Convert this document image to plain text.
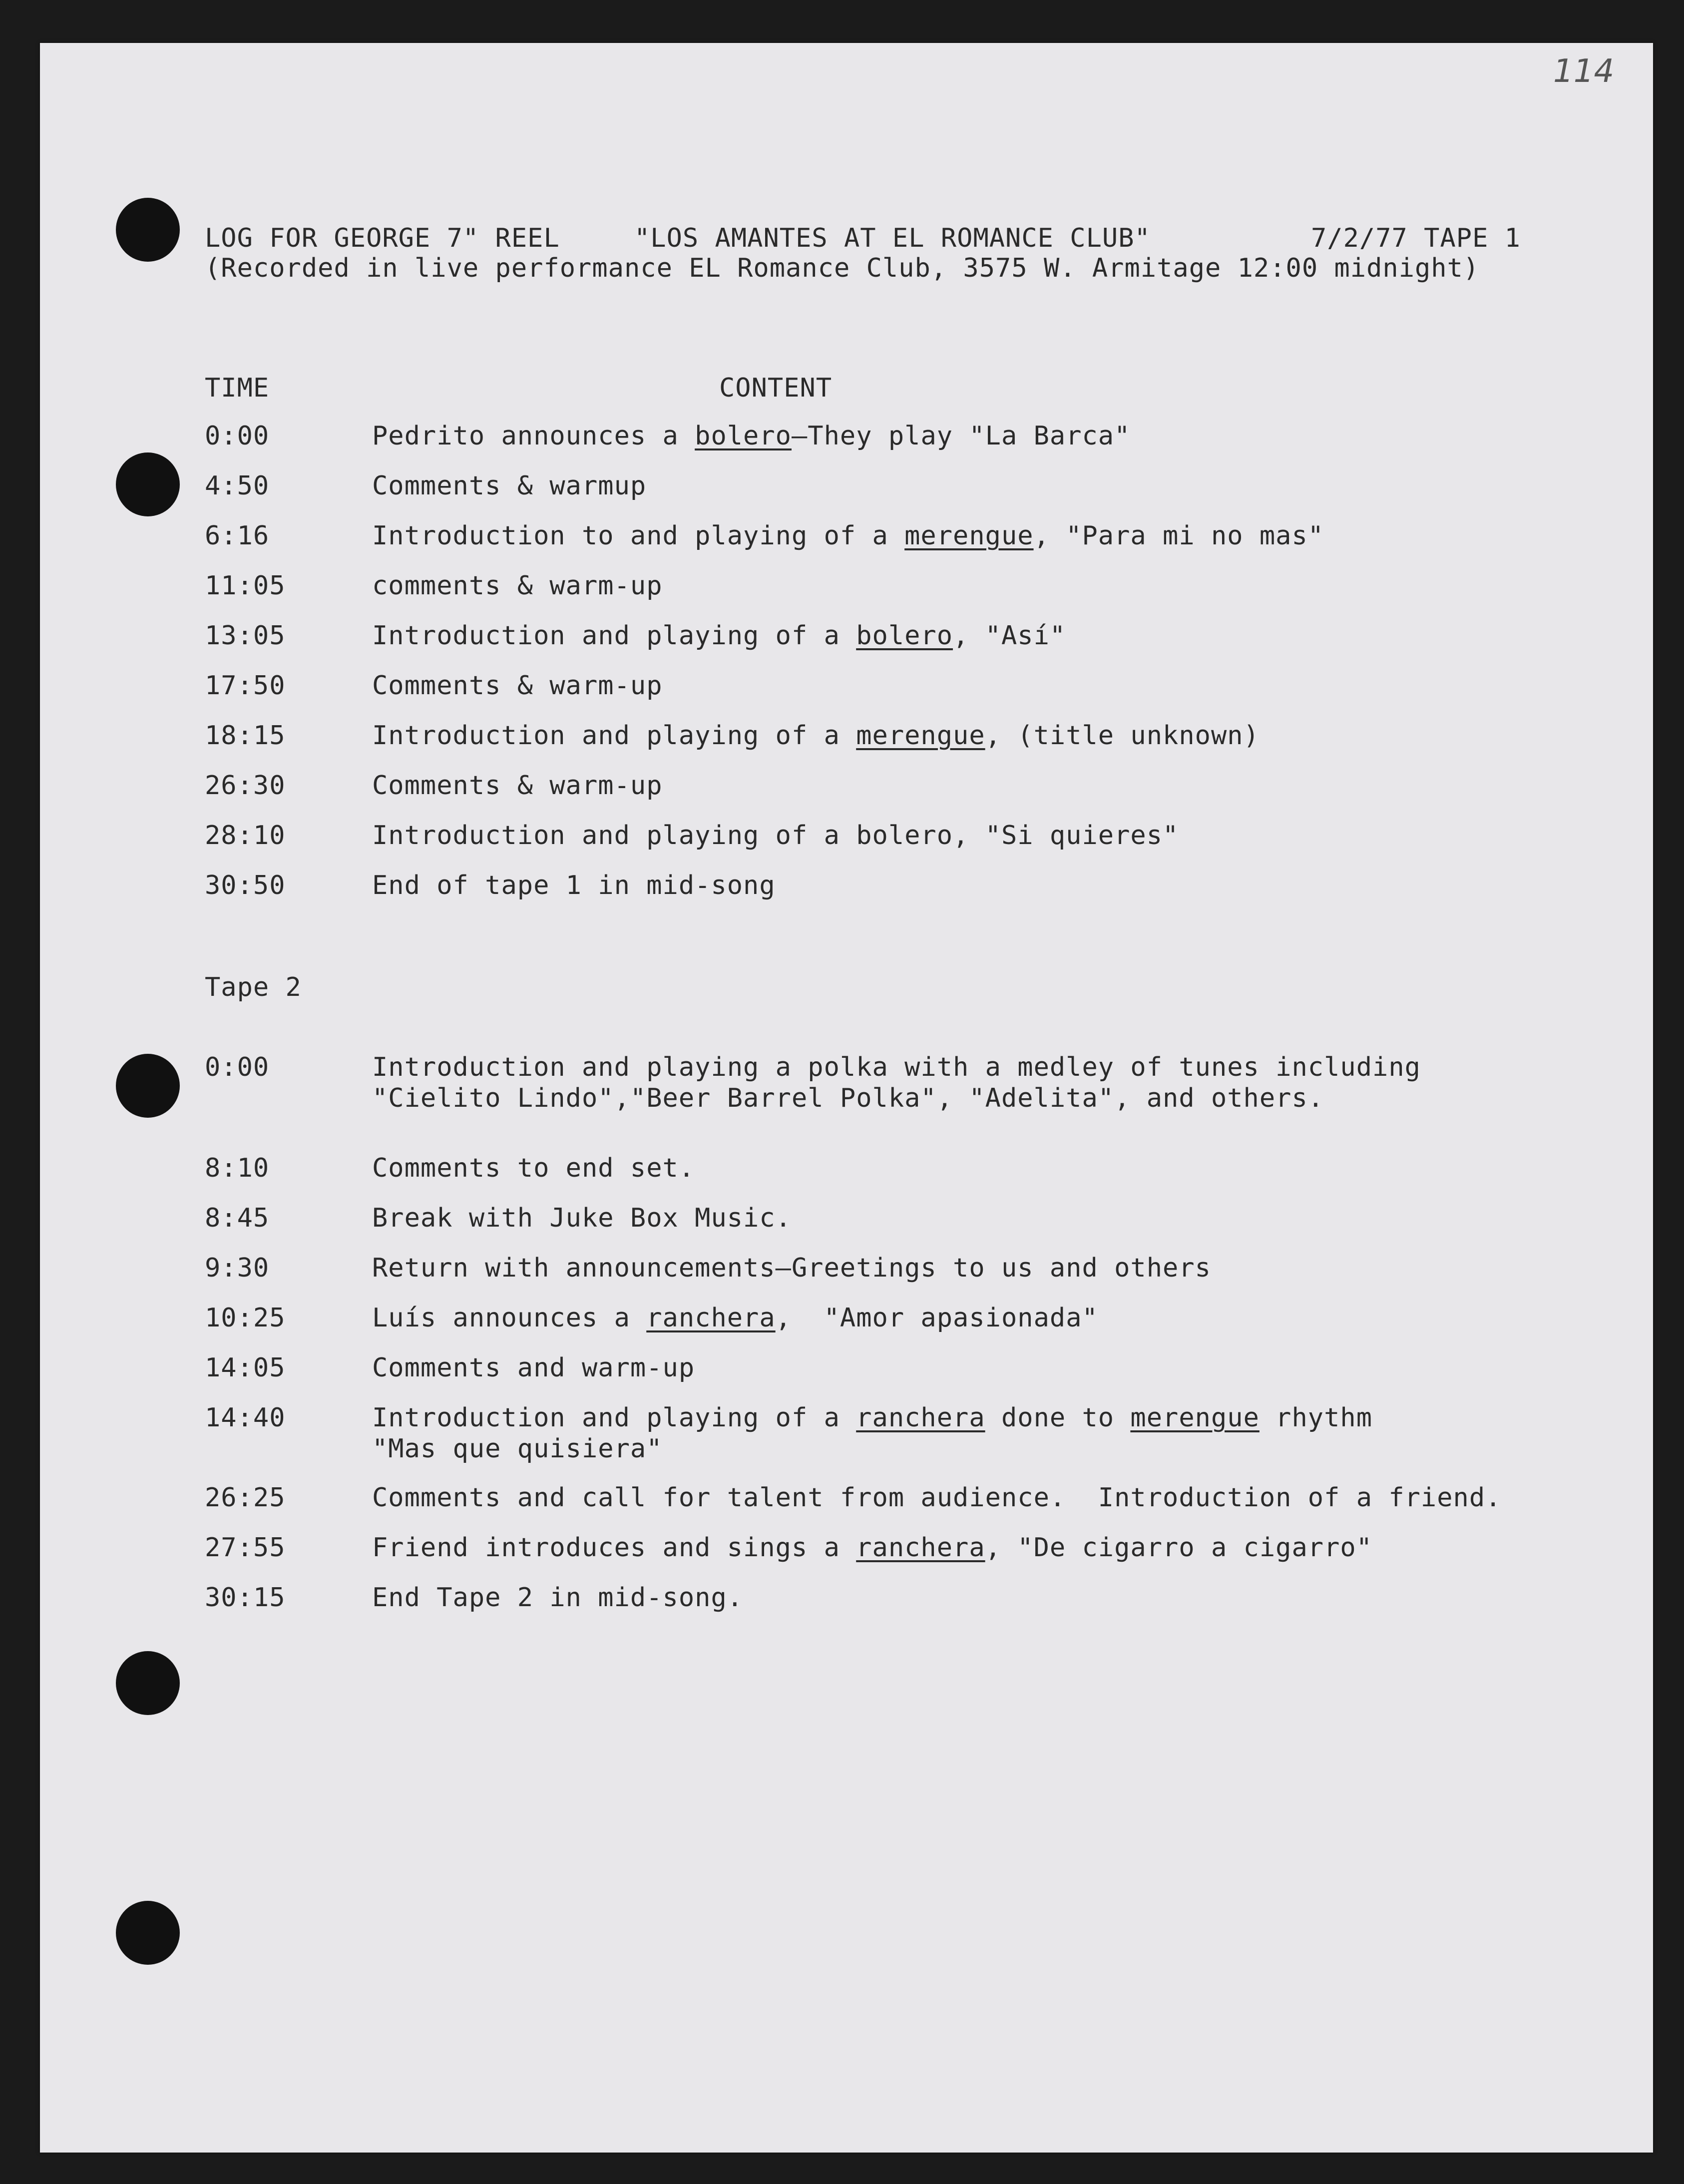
114
LOG FOR GEORGE 7" REEL	"LOS AMANTES AT EL ROMANCE CLUB"	7/2/77 TAPE 1
(Recorded in live performance EL Romance Club, 3575 W. Armitage 12:00 midnight)
TIME	CONTENT
0:00	Pedrito announces a bolero—They play "La Barca"
4:50	Comments & warmup
6:16	Introduction to and playing of a merengue, "Para mi no mas"
11:05	comments & warm-up
13:05	Introduction and playing of a bolero, "Así"
17:50	Comments & warm-up
18:15	Introduction and playing of a merengue, (title unknown)
26:30	Comments & warm-up
28:10	Introduction and playing of a bolero, "Si quieres"
30:50	End of tape 1 in mid-song
Tape 2
0:00	Introduction and playing a polka with a medley of tunes including
"Cielito Lindo","Beer Barrel Polka", "Adelita", and others.
8:10	Comments to end set.
8:45	Break with Juke Box Music.
9:30	Return with announcements—Greetings to us and others
10:25	Luís announces a ranchera,  "Amor apasionada"
14:05	Comments and warm-up
14:40	Introduction and playing of a ranchera done to merengue rhythm
"Mas que quisiera"
26:25	Comments and call for talent from audience.  Introduction of a friend.
27:55	Friend introduces and sings a ranchera, "De cigarro a cigarro"
30:15	End Tape 2 in mid-song.
